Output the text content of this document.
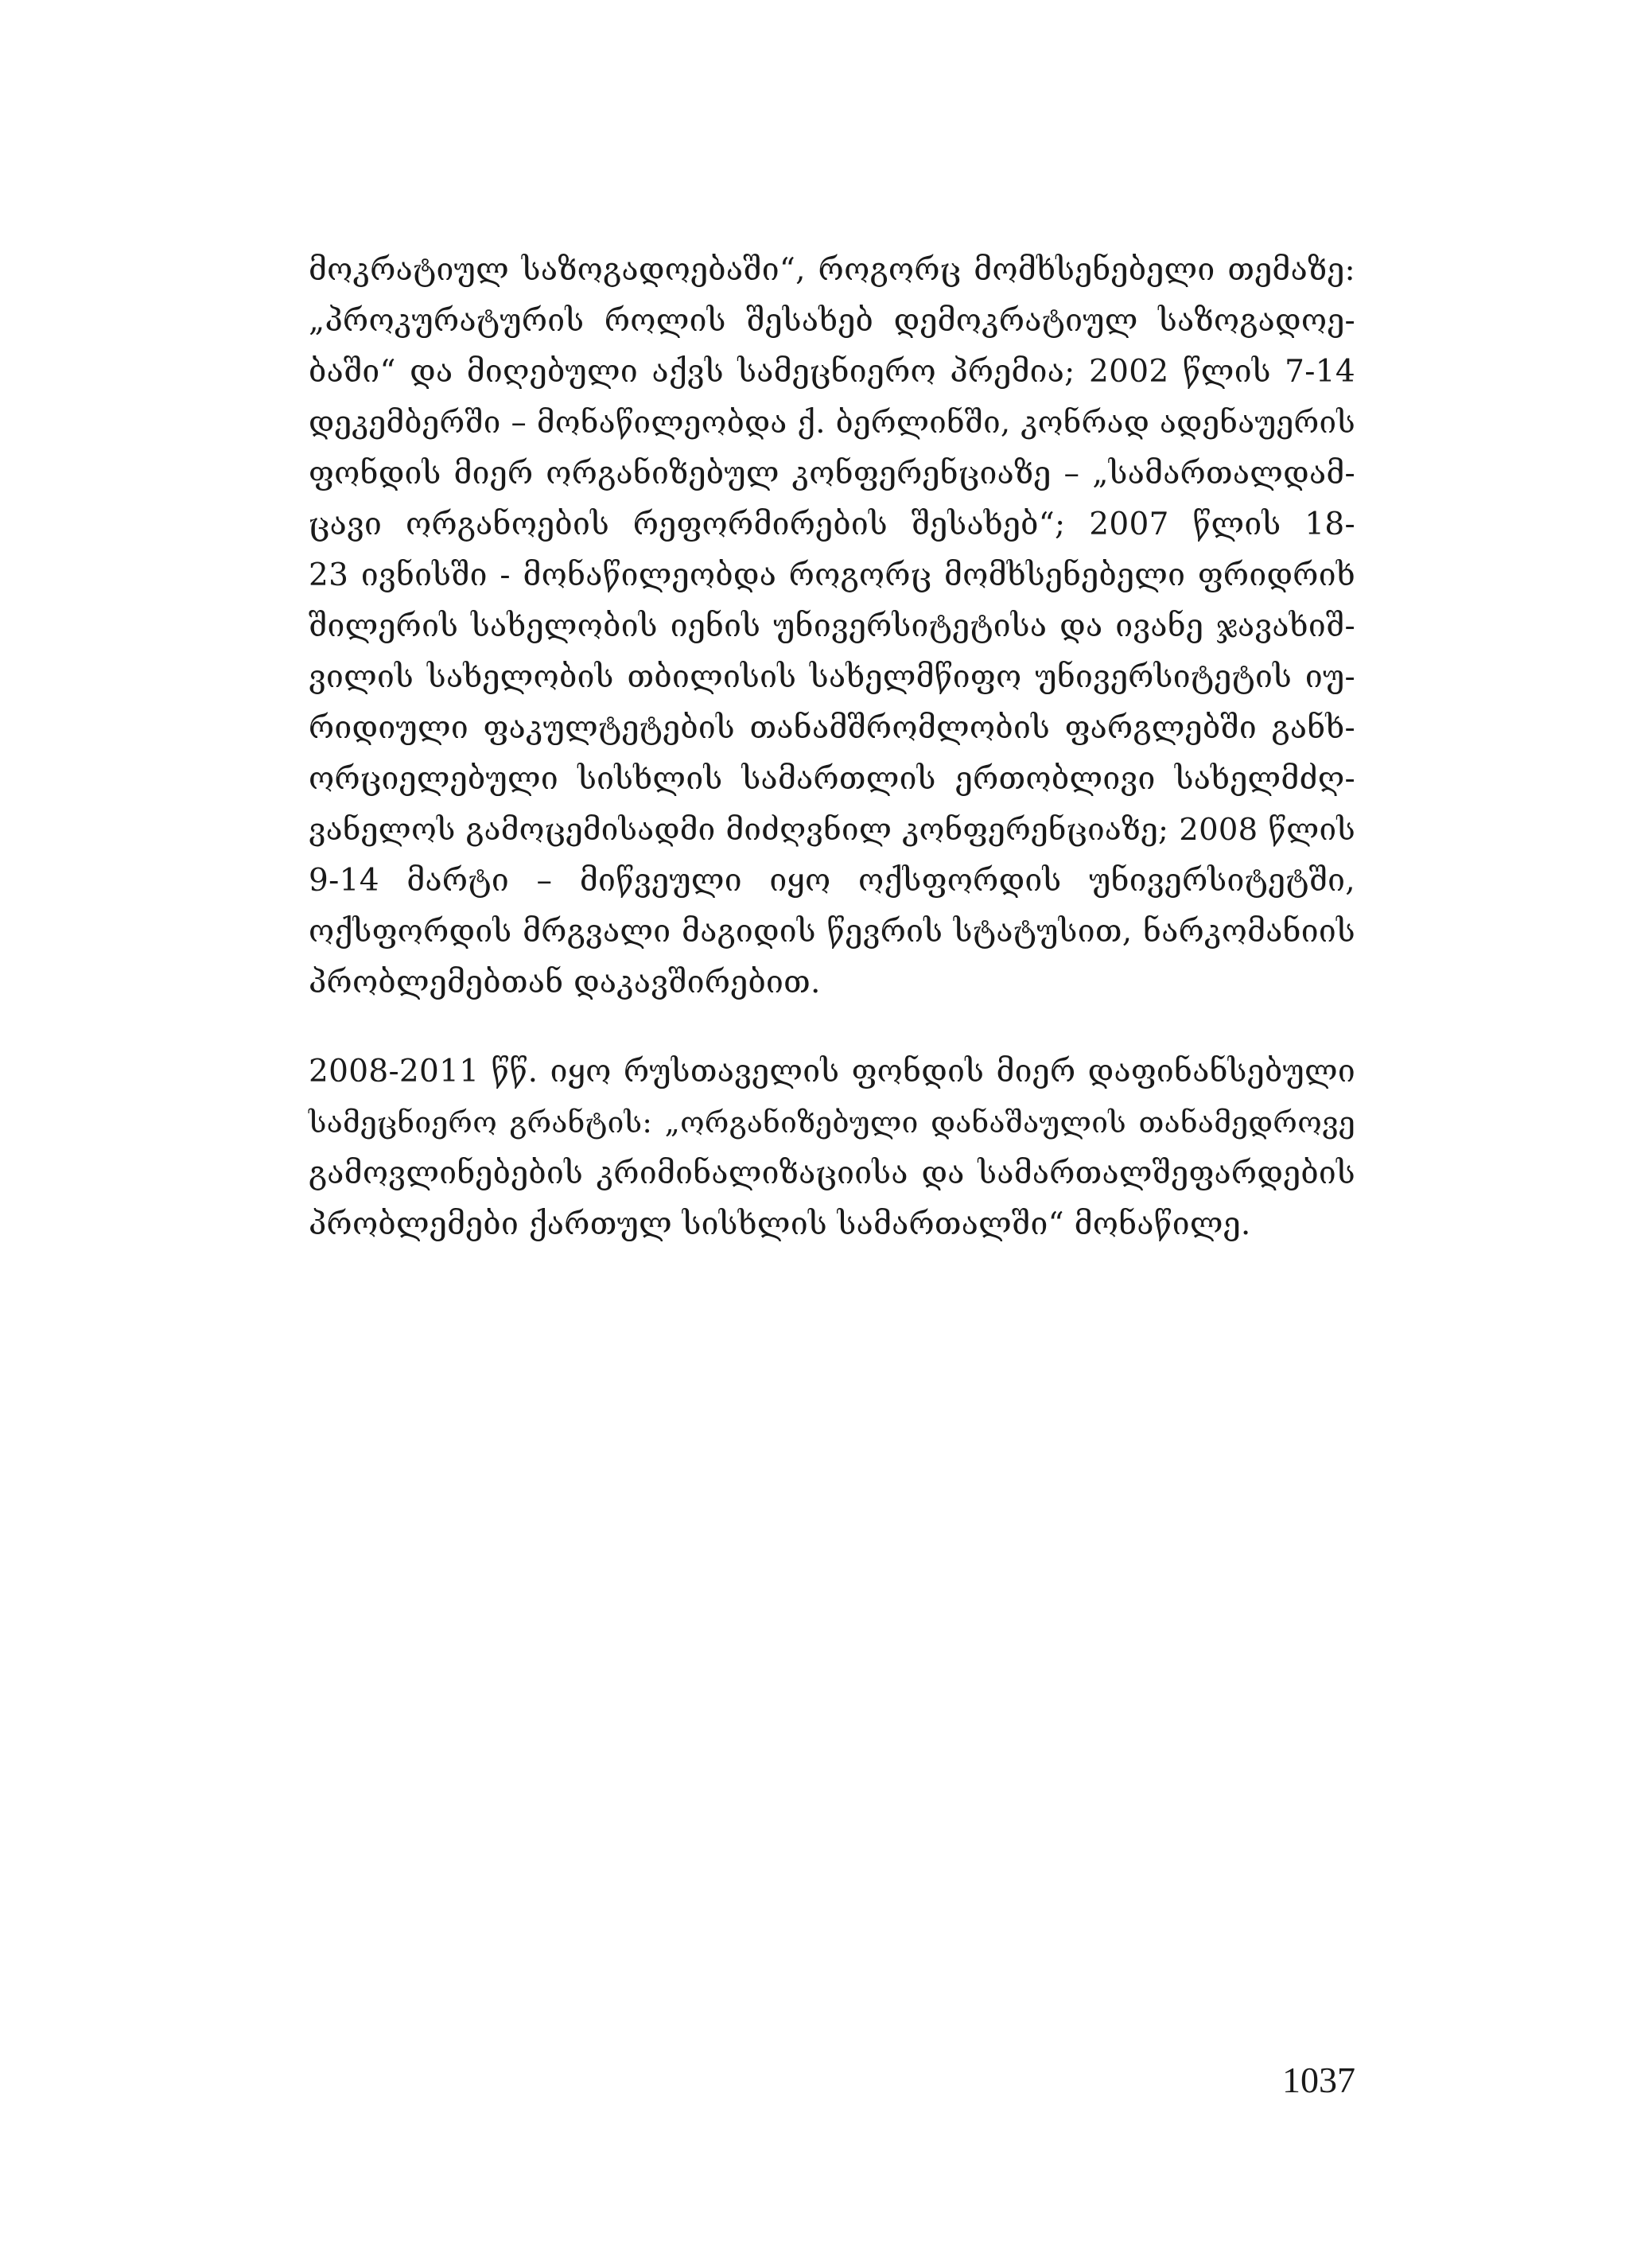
მოკრატიულ საზოგადოებაში“, როგორც მომხსენებელი თემაზე:
„პროკურატურის როლის შესახებ დემოკრატიულ საზოგადოე-
ბაში“ და მიღებული აქვს სამეცნიერო პრემია; 2002 წლის 7-14
დეკემბერში – მონაწილეობდა ქ. ბერლინში, კონრად ადენაუერის
ფონდის მიერ ორგანიზებულ კონფერენციაზე – „სამართალდამ-
ცავი ორგანოების რეფორმირების შესახებ“; 2007 წლის 18-
23 ივნისში - მონაწილეობდა როგორც მომხსენებელი ფრიდრიხ
შილერის სახელობის იენის უნივერსიტეტისა და ივანე ჯავახიშ-
ვილის სახელობის თბილისის სახელმწიფო უნივერსიტეტის იუ-
რიდიული ფაკულტეტების თანამშრომლობის ფარგლებში განხ-
ორციელებული სისხლის სამართლის ერთობლივი სახელმძღ-
ვანელოს გამოცემისადმი მიძღვნილ კონფერენციაზე; 2008 წლის
9-14 მარტი – მიწვეული იყო ოქსფორდის უნივერსიტეტში,
ოქსფორდის მრგვალი მაგიდის წევრის სტატუსით, ნარკომანიის
პრობლემებთან დაკავშირებით.
2008-2011 წწ. იყო რუსთაველის ფონდის მიერ დაფინანსებული
სამეცნიერო გრანტის: „ორგანიზებული დანაშაულის თანამედროვე
გამოვლინებების კრიმინალიზაციისა და სამართალშეფარდების
პრობლემები ქართულ სისხლის სამართალში“ მონაწილე.
1037
